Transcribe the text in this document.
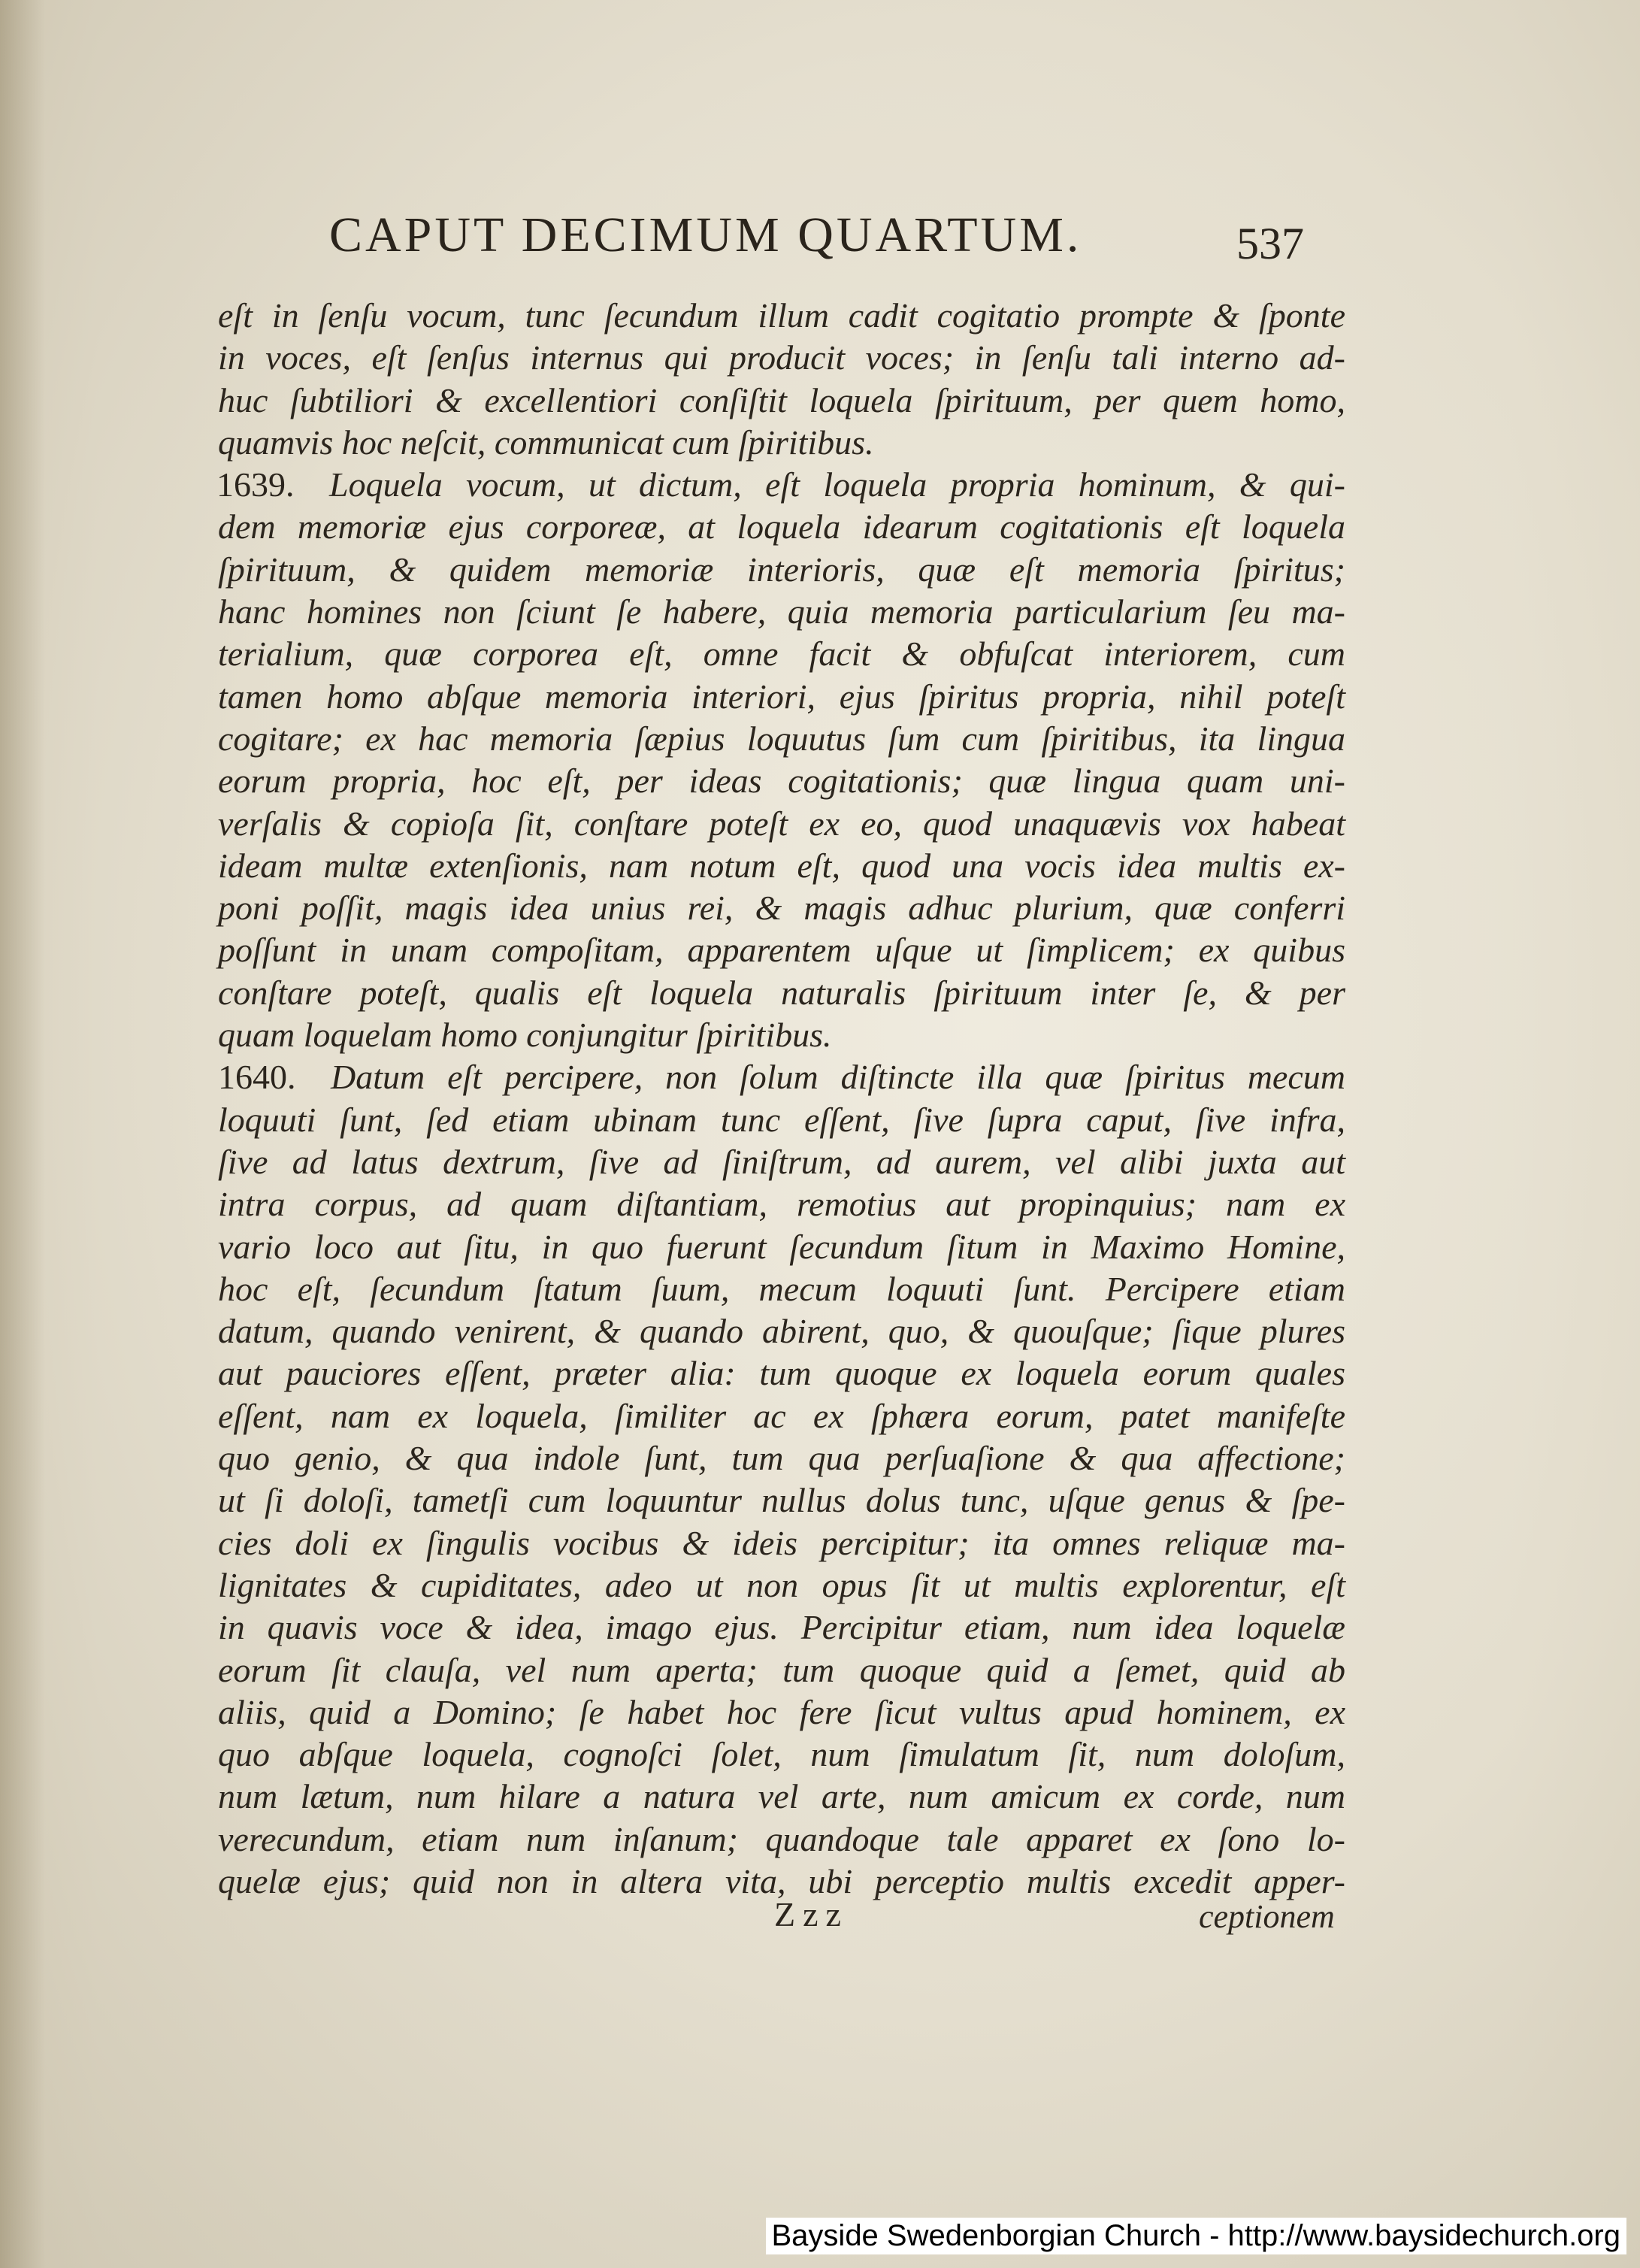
CAPUT DECIMUM QUARTUM.	537
eſt in ſenſu vocum, tunc ſecundum illum cadit cogitatio prompte & ſponte
in voces, eſt ſenſus internus qui producit voces; in ſenſu tali interno ad-
huc ſubtiliori & excellentiori conſiſtit loquela ſpirituum, per quem homo,
quamvis hoc neſcit, communicat cum ſpiritibus.
1639. Loquela vocum, ut dictum, eſt loquela propria hominum, & qui-
dem memoriæ ejus corporeæ, at loquela idearum cogitationis eſt loquela
ſpirituum, & quidem memoriæ interioris, quæ eſt memoria ſpiritus;
hanc homines non ſciunt ſe habere, quia memoria particularium ſeu ma-
terialium, quæ corporea eſt, omne facit & obfuſcat interiorem, cum
tamen homo abſque memoria interiori, ejus ſpiritus propria, nihil poteſt
cogitare; ex hac memoria ſæpius loquutus ſum cum ſpiritibus, ita lingua
eorum propria, hoc eſt, per ideas cogitationis; quæ lingua quam uni-
verſalis & copioſa ſit, conſtare poteſt ex eo, quod unaquævis vox habeat
ideam multæ extenſionis, nam notum eſt, quod una vocis idea multis ex-
poni poſſit, magis idea unius rei, & magis adhuc plurium, quæ conferri
poſſunt in unam compoſitam, apparentem uſque ut ſimplicem; ex quibus
conſtare poteſt, qualis eſt loquela naturalis ſpirituum inter ſe, & per
quam loquelam homo conjungitur ſpiritibus.
1640. Datum eſt percipere, non ſolum diſtincte illa quæ ſpiritus mecum
loquuti ſunt, ſed etiam ubinam tunc eſſent, ſive ſupra caput, ſive infra,
ſive ad latus dextrum, ſive ad ſiniſtrum, ad aurem, vel alibi juxta aut
intra corpus, ad quam diſtantiam, remotius aut propinquius; nam ex
vario loco aut ſitu, in quo fuerunt ſecundum ſitum in Maximo Homine,
hoc eſt, ſecundum ſtatum ſuum, mecum loquuti ſunt. Percipere etiam
datum, quando venirent, & quando abirent, quo, & quouſque; ſique plures
aut pauciores eſſent, præter alia: tum quoque ex loquela eorum quales
eſſent, nam ex loquela, ſimiliter ac ex ſphæra eorum, patet manifeſte
quo genio, & qua indole ſunt, tum qua perſuaſione & qua affectione;
ut ſi doloſi, tametſi cum loquuntur nullus dolus tunc, uſque genus & ſpe-
cies doli ex ſingulis vocibus & ideis percipitur; ita omnes reliquæ ma-
lignitates & cupiditates, adeo ut non opus ſit ut multis explorentur, eſt
in quavis voce & idea, imago ejus. Percipitur etiam, num idea loquelæ
eorum ſit clauſa, vel num aperta; tum quoque quid a ſemet, quid ab
aliis, quid a Domino; ſe habet hoc fere ſicut vultus apud hominem, ex
quo abſque loquela, cognoſci ſolet, num ſimulatum ſit, num doloſum,
num lætum, num hilare a natura vel arte, num amicum ex corde, num
verecundum, etiam num inſanum; quandoque tale apparet ex ſono lo-
quelæ ejus; quid non in altera vita, ubi perceptio multis excedit apper-
Zzz	ceptionem
Bayside Swedenborgian Church - http://www.baysidechurch.org
